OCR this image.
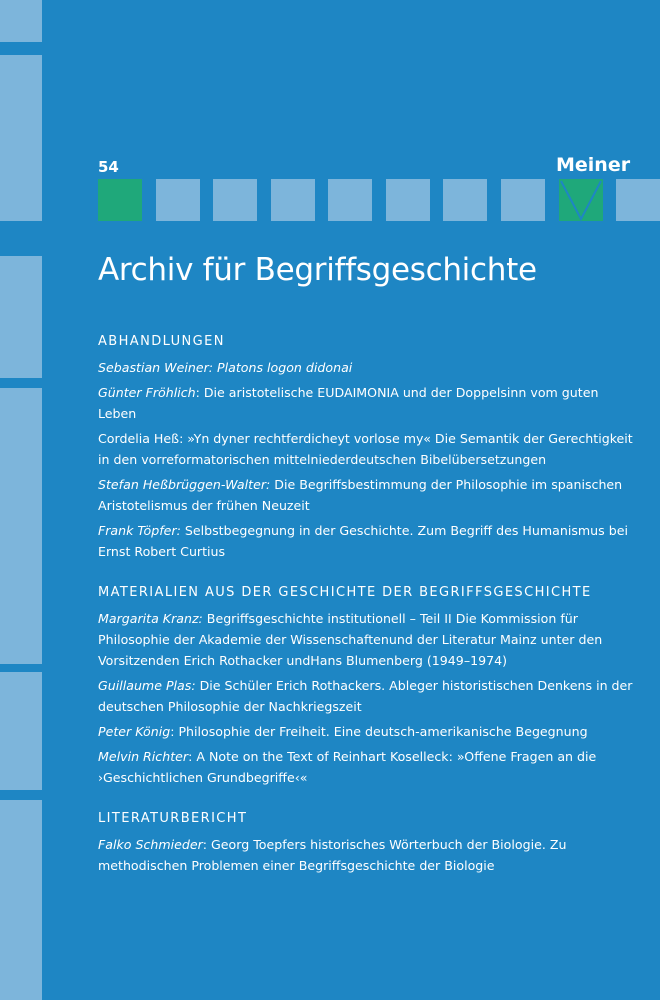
54	Meiner
Archiv für Begriffsgeschichte
ABHANDLUNGEN
Sebastian Weiner: Platons logon didonai
Günter Fröhlich: Die aristotelische EUDAIMONIA und der Doppelsinn vom guten Leben
Cordelia Heß: »Yn dyner rechtferdicheyt vorlose my« Die Semantik der Gerechtigkeit in den vorreformatorischen mittelniederdeutschen Bibelübersetzungen
Stefan Heßbrüggen-Walter: Die Begriffsbestimmung der Philosophie im spanischen Aristotelismus der frühen Neuzeit
Frank Töpfer: Selbstbegegnung in der Geschichte. Zum Begriff des Humanismus bei Ernst Robert Curtius
MATERIALIEN AUS DER GESCHICHTE DER BEGRIFFSGESCHICHTE
Margarita Kranz: Begriffsgeschichte institutionell – Teil II Die Kommission für Philosophie der Akademie der Wissenschaftenund der Literatur Mainz unter den Vorsitzenden Erich Rothacker undHans Blumenberg (1949–1974)
Guillaume Plas: Die Schüler Erich Rothackers. Ableger historistischen Denkens in der deutschen Philosophie der Nachkriegszeit
Peter König: Philosophie der Freiheit. Eine deutsch-amerikanische Begegnung
Melvin Richter: A Note on the Text of Reinhart Koselleck: »Offene Fragen an die ›Geschichtlichen Grundbegriffe‹«
LITERATURBERICHT
Falko Schmieder: Georg Toepfers historisches Wörterbuch der Biologie. Zu methodischen Problemen einer Begriffsgeschichte der Biologie
